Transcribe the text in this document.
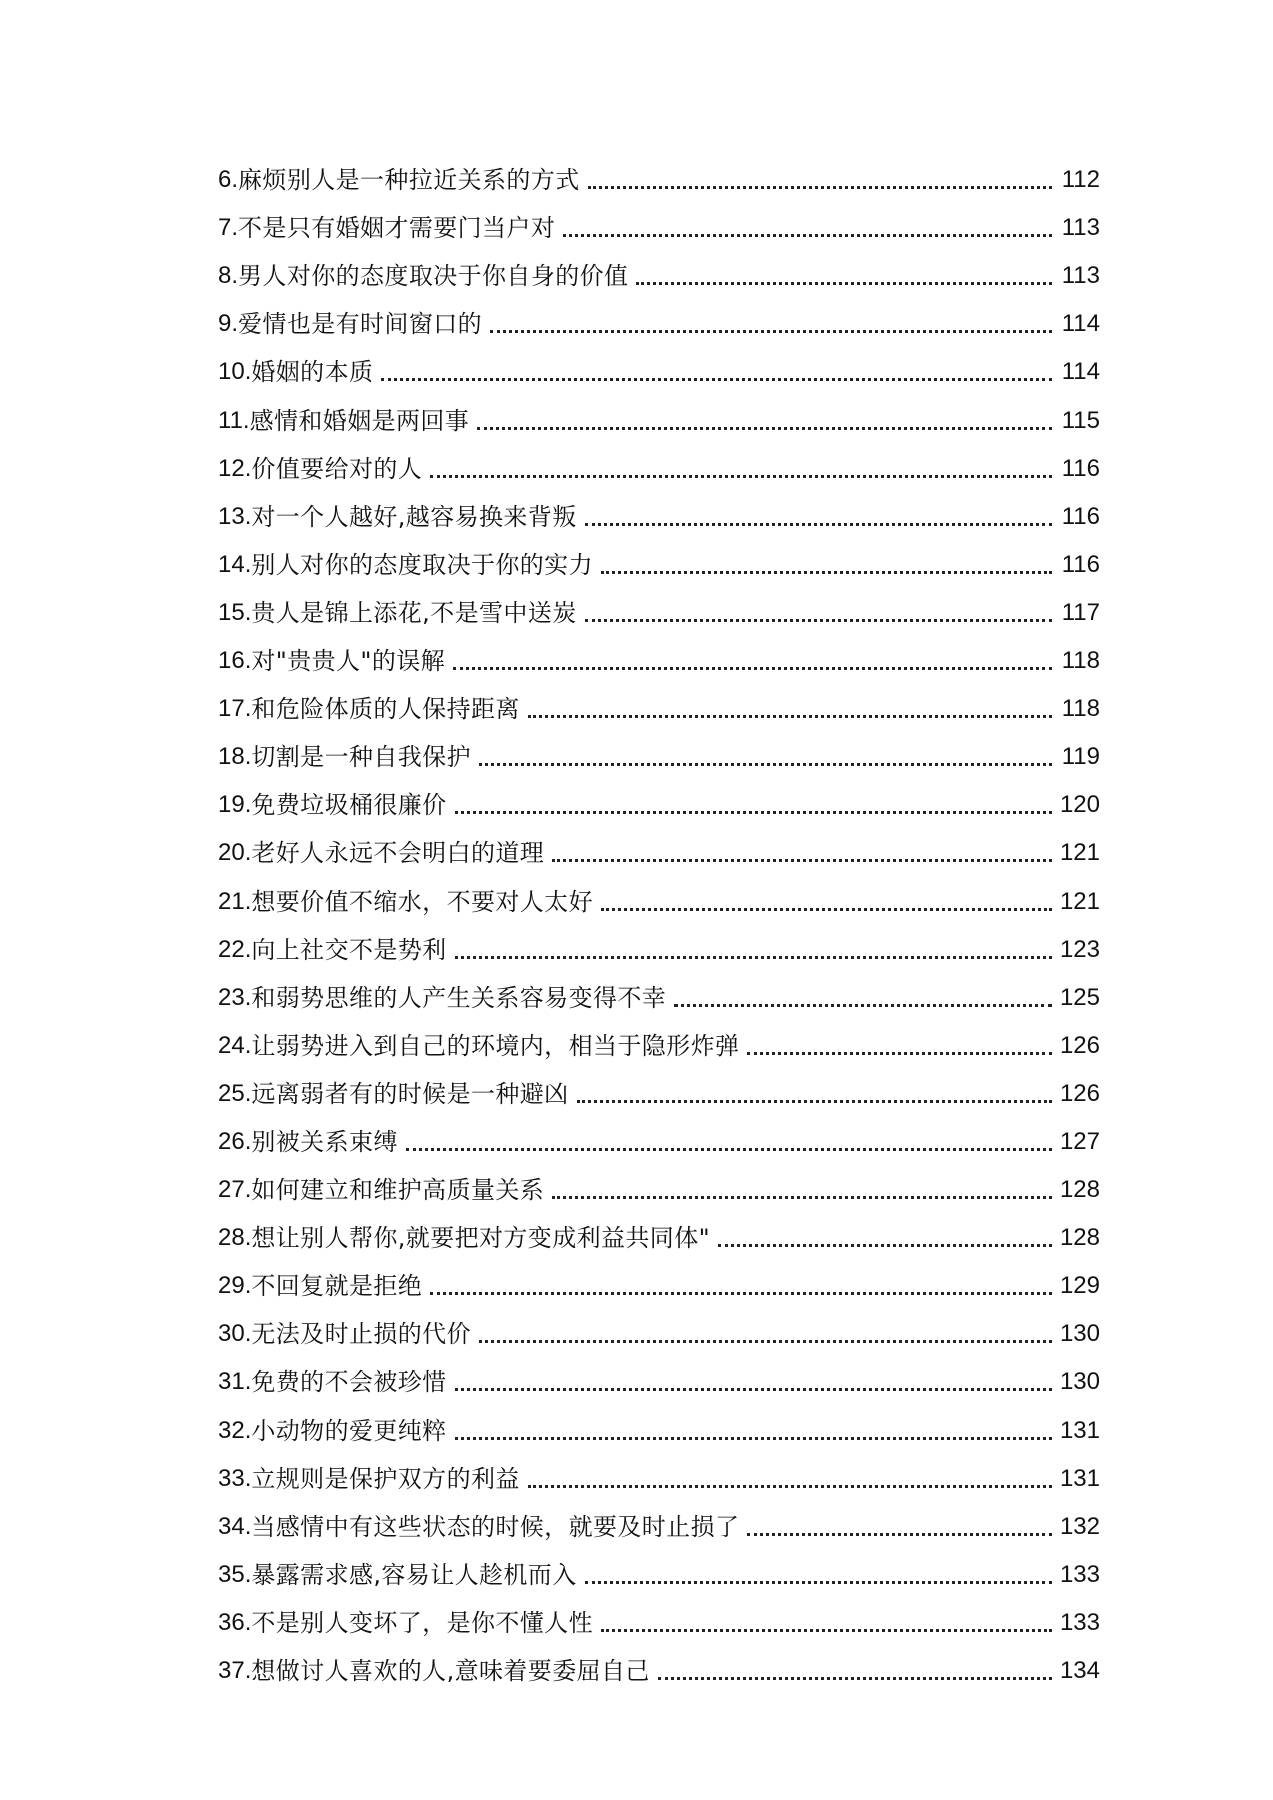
6. 麻烦别人是一种拉近关系的方式	112
7. 不是只有婚姻才需要门当户对	113
8. 男人对你的态度取决于你自身的价值	113
9. 爱情也是有时间窗口的	114
10. 婚姻的本质	114
11. 感情和婚姻是两回事	115
12. 价值要给对的人	116
13. 对一个人越好,越容易换来背叛	116
14. 别人对你的态度取决于你的实力	116
15. 贵人是锦上添花,不是雪中送炭	117
16. 对"贵贵人"的误解	118
17. 和危险体质的人保持距离	118
18. 切割是一种自我保护	119
19. 免费垃圾桶很廉价	120
20. 老好人永远不会明白的道理	121
21. 想要价值不缩水，不要对人太好	121
22. 向上社交不是势利	123
23. 和弱势思维的人产生关系容易变得不幸	125
24. 让弱势进入到自己的环境内，相当于隐形炸弹	126
25. 远离弱者有的时候是一种避凶	126
26. 别被关系束缚	127
27. 如何建立和维护高质量关系	128
28. 想让别人帮你,就要把对方变成利益共同体"	128
29. 不回复就是拒绝	129
30. 无法及时止损的代价	130
31. 免费的不会被珍惜	130
32. 小动物的爱更纯粹	131
33. 立规则是保护双方的利益	131
34. 当感情中有这些状态的时候，就要及时止损了	132
35. 暴露需求感,容易让人趁机而入	133
36. 不是别人变坏了，是你不懂人性	133
37. 想做讨人喜欢的人,意味着要委屈自己	134
